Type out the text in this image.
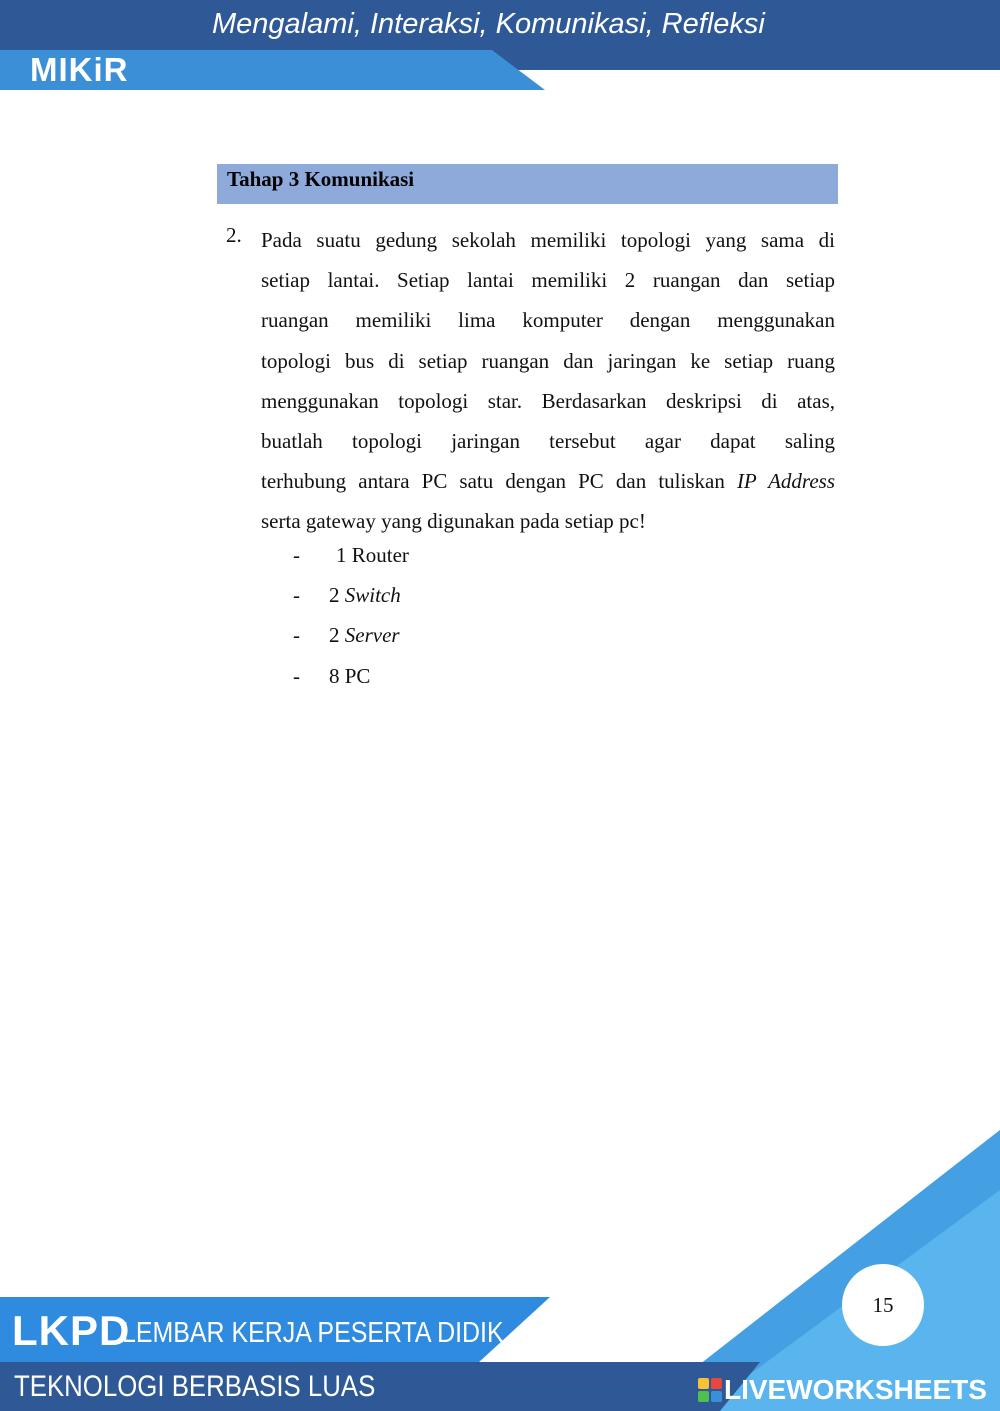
Mengalami, Interaksi, Komunikasi, Refleksi
MIKiR
Tahap 3 Komunikasi
2. Pada suatu gedung sekolah memiliki topologi yang sama di
setiap lantai. Setiap lantai memiliki 2 ruangan dan setiap
ruangan memiliki lima komputer dengan menggunakan
topologi bus di setiap ruangan dan jaringan ke setiap ruang
menggunakan topologi star. Berdasarkan deskripsi di atas,
buatlah topologi jaringan tersebut agar dapat saling
terhubung antara PC satu dengan PC dan tuliskan IP Address
serta gateway yang digunakan pada setiap pc!
- 1 Router
- 2 Switch
- 2 Server
- 8 PC
LKPD
LEMBAR KERJA PESERTA DIDIK
TEKNOLOGI BERBASIS LUAS
15
LIVEWORKSHEETS
